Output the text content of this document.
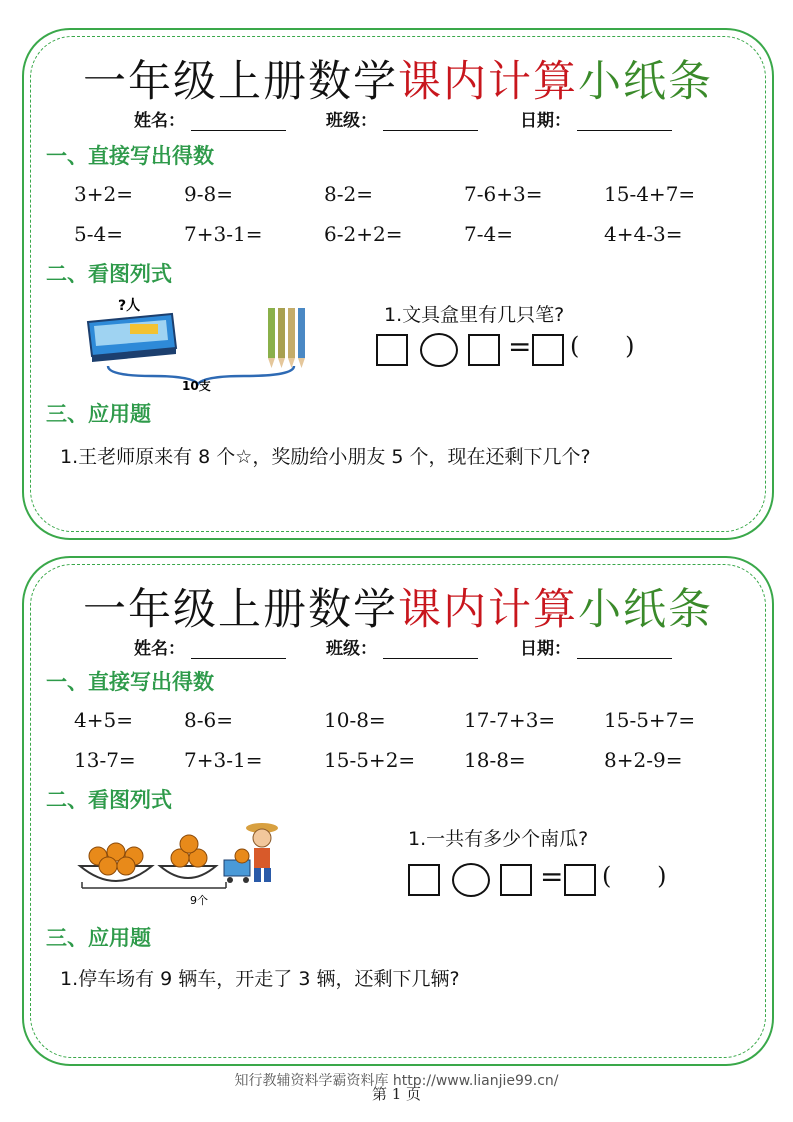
一年级上册数学课内计算小纸条
姓名：	班级：	日期：
一、直接写出得数
3+2=	9-8=	8-2=	7-6+3=	15-4+7=
5-4=	7+3-1=	6-2+2=	7-4=	4+4-3=
二、看图列式
?人
10支
1.文具盒里有几只笔?
= (      )
三、应用题
1.王老师原来有 8 个☆，奖励给小朋友 5 个，现在还剩下几个?
一年级上册数学课内计算小纸条
姓名：	班级：	日期：
一、直接写出得数
4+5=	8-6=	10-8=	17-7+3= 15-5+7=
13-7= 7+3-1=	15-5+2= 18-8=	8+2-9=
二、看图列式
9个
1.一共有多少个南瓜?
= (      )
三、应用题
1.停车场有 9 辆车，开走了 3 辆，还剩下几辆?
知行教辅资料学霸资料库 http://www.lianjie99.cn/
第 1 页
